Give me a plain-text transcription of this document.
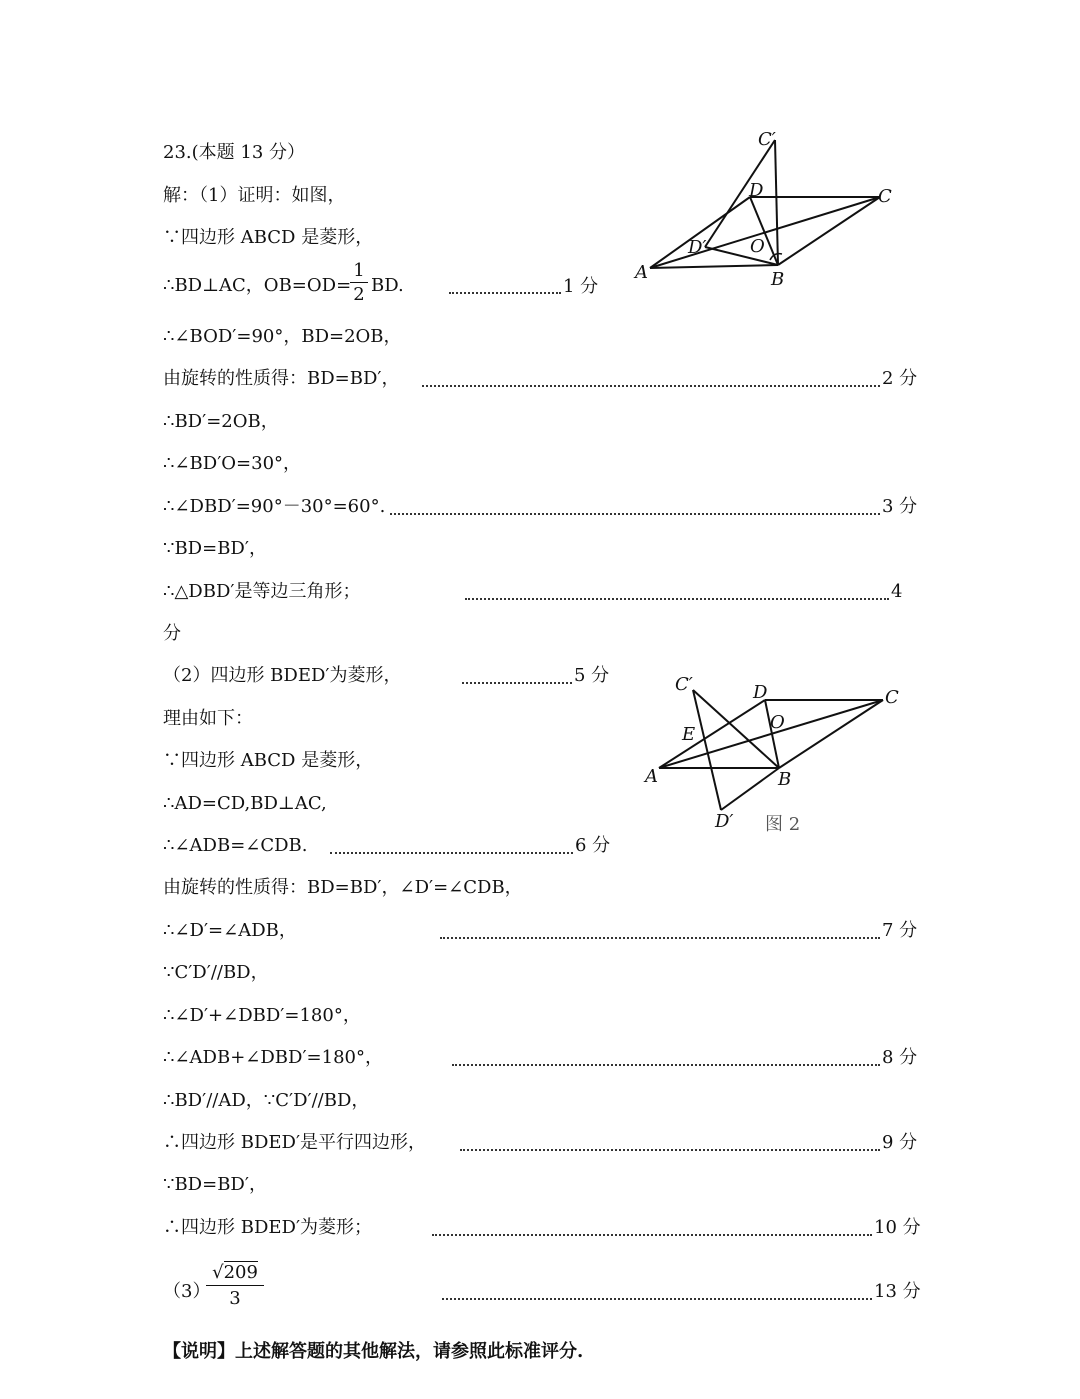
23.(本题 13 分）
解：（1）证明：如图，
∵四边形 ABCD 是菱形，
∴BD⊥AC，OB=OD=
1
2 BD.	1 分
∴∠BOD′=90°，BD=2OB，
由旋转的性质得：BD=BD′，	2 分
∴BD′=2OB，
∴∠BD′O=30°，
∴∠DBD′=90°－30°=60°.	3 分
∵BD=BD′，
∴△DBD′是等边三角形；	4
分
（2）四边形 BDED′为菱形，	5 分
理由如下：
∵四边形 ABCD 是菱形，
∴AD=CD,BD⊥AC,
∴∠ADB=∠CDB.	6 分
由旋转的性质得：BD=BD′，∠D′=∠CDB，
∴∠D′=∠ADB，	7 分
∵C′D′//BD，
∴∠D′+∠DBD′=180°，
∴∠ADB+∠DBD′=180°，	8 分
∴BD′//AD，∵C′D′//BD，
∴四边形 BDED′是平行四边形，	9 分
∵BD=BD′，
∴四边形 BDED′为菱形；	10 分
（3）
√209
3	13 分
A	B
C
D
O
C′
D′
C′	D	C
O
E
A	B
D′ 图 2
【说明】上述解答题的其他解法，请参照此标准评分.
